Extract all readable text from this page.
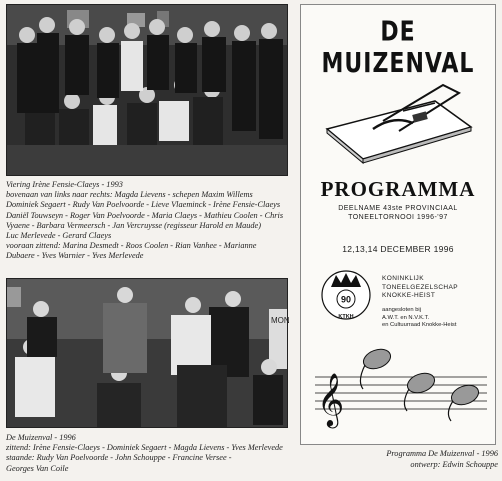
Viering Irène Fensie-Claeys - 1993
bovenaan van links naar rechts: Magda Lievens - schepen Maxim Willems
Dominiek Segaert - Rudy Van Poelvoorde - Lieve Vlaeminck - Irène Fensie-Claeys
Daniël Touwseyn - Roger Van Poelvoorde - Maria Claeys - Mathieu Coolen - Chris
Vyaene - Barbara Vermeersch - Jan Vercruysse (regisseur Harold en Maude)
Luc Merlevede - Gerard Claeys
vooraan zittend: Marina Desmedt - Roos Coolen - Rian Vanhee - Marianne
Dubaere - Yves Warnier - Yves Merlevede
MON
De Muizenval - 1996
zittend: Irène Fensie-Claeys - Dominiek Segaert - Magda Lievens - Yves Merlevede
staande: Rudy Van Poelvoorde - John Schouppe - Francine Versee -
Georges Van Coile
DE MUIZENVAL
PROGRAMMA
DEELNAME 43ste PROVINCIAAL
TONEELTORNOOI 1996-'97
12,13,14 DECEMBER 1996
90
KTKH
KONINKLIJK
TONEELGEZELSCHAP
KNOKKE-HEIST
aangesloten bij
A.W.T. en N.V.K.T.
en Cultuurraad Knokke-Heist
𝄞
Programma De Muizenval - 1996
ontwerp: Edwin Schouppe
